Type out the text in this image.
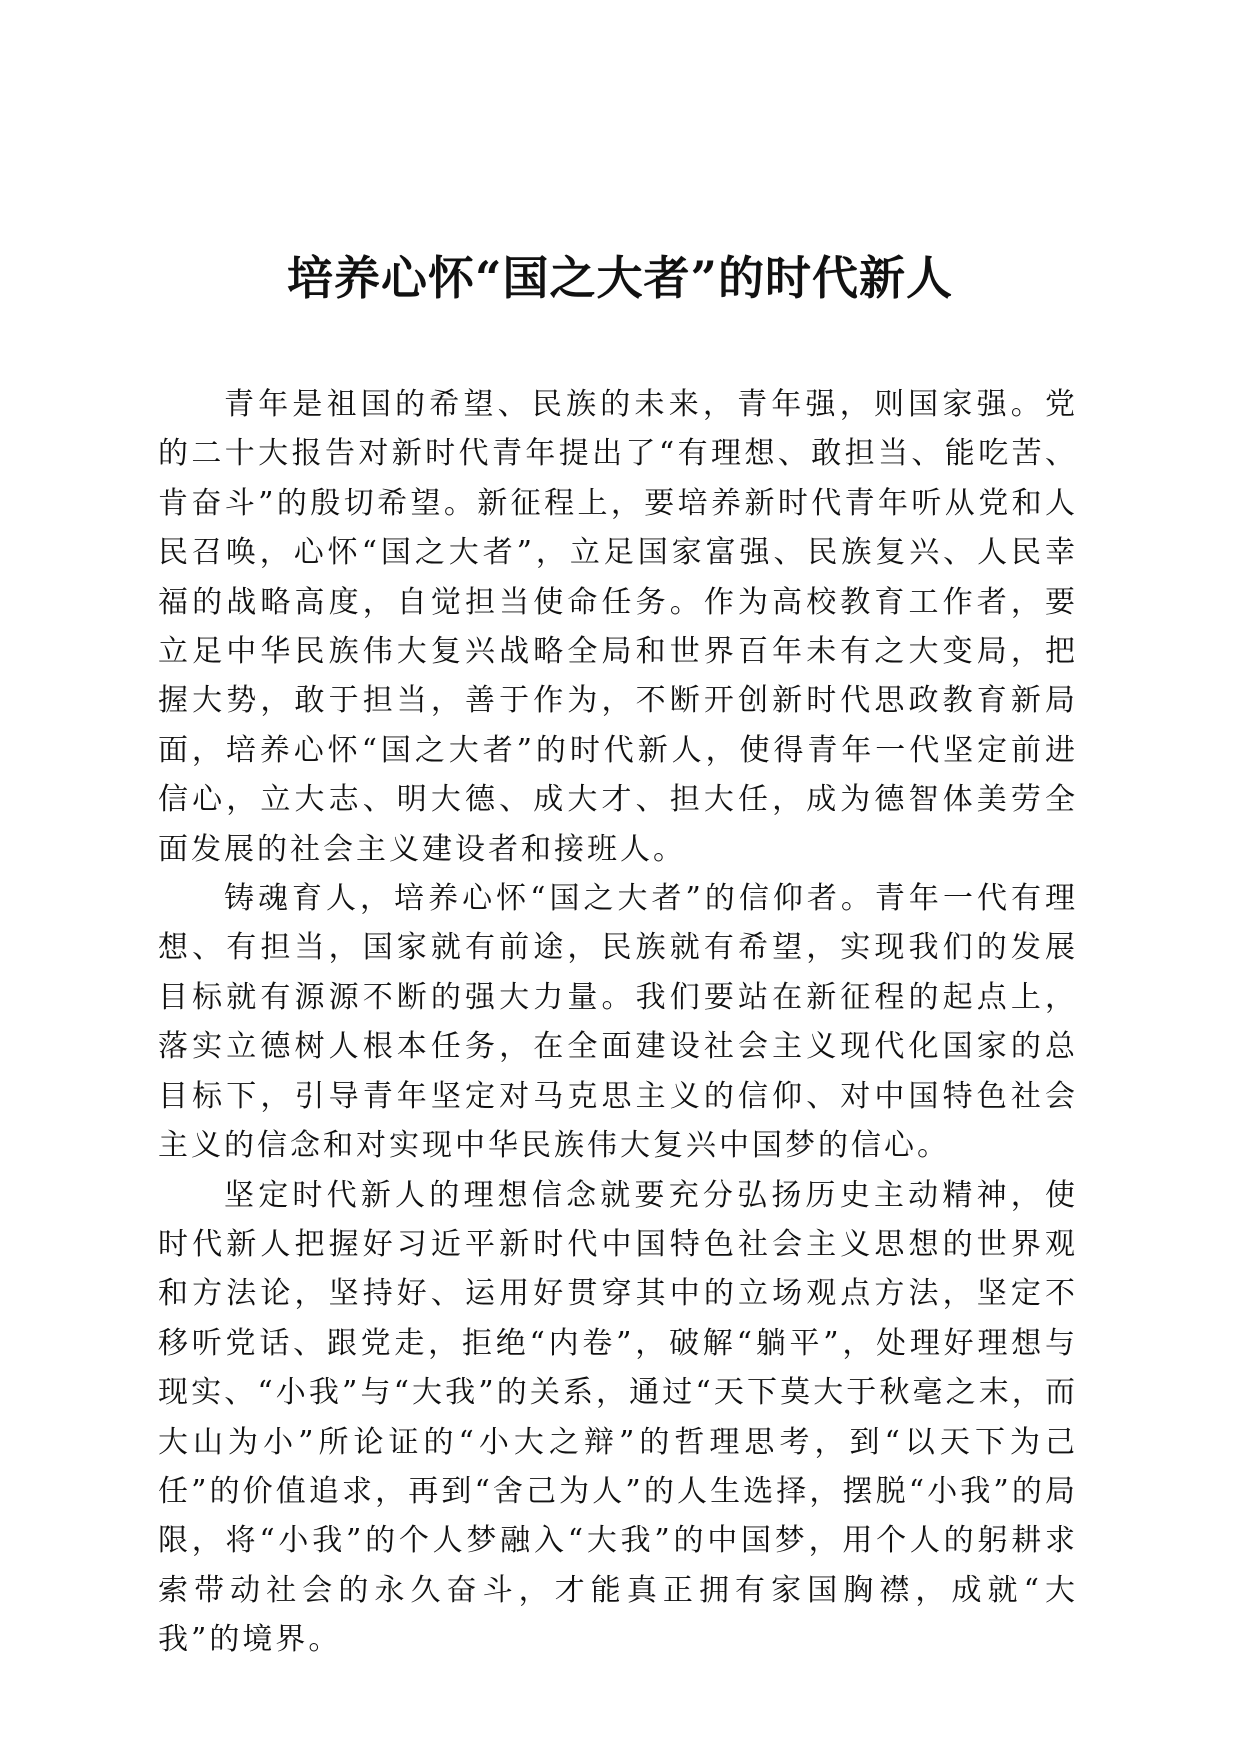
培养心怀“国之大者”的时代新人

青年是祖国的希望、民族的未来，青年强，则国家强。党的二十大报告对新时代青年提出了“有理想、敢担当、能吃苦、肯奋斗”的殷切希望。新征程上，要培养新时代青年听从党和人民召唤，心怀“国之大者”，立足国家富强、民族复兴、人民幸福的战略高度，自觉担当使命任务。作为高校教育工作者，要立足中华民族伟大复兴战略全局和世界百年未有之大变局，把握大势，敢于担当，善于作为，不断开创新时代思政教育新局面，培养心怀“国之大者”的时代新人，使得青年一代坚定前进信心，立大志、明大德、成大才、担大任，成为德智体美劳全面发展的社会主义建设者和接班人。

铸魂育人，培养心怀“国之大者”的信仰者。青年一代有理想、有担当，国家就有前途，民族就有希望，实现我们的发展目标就有源源不断的强大力量。我们要站在新征程的起点上，落实立德树人根本任务，在全面建设社会主义现代化国家的总目标下，引导青年坚定对马克思主义的信仰、对中国特色社会主义的信念和对实现中华民族伟大复兴中国梦的信心。

坚定时代新人的理想信念就要充分弘扬历史主动精神，使时代新人把握好习近平新时代中国特色社会主义思想的世界观和方法论，坚持好、运用好贯穿其中的立场观点方法，坚定不移听党话、跟党走，拒绝“内卷”，破解“躺平”，处理好理想与现实、“小我”与“大我”的关系，通过“天下莫大于秋毫之末，而大山为小”所论证的“小大之辩”的哲理思考，到“以天下为己任”的价值追求，再到“舍己为人”的人生选择，摆脱“小我”的局限，将“小我”的个人梦融入“大我”的中国梦，用个人的躬耕求索带动社会的永久奋斗，才能真正拥有家国胸襟，成就“大我”的境界。
